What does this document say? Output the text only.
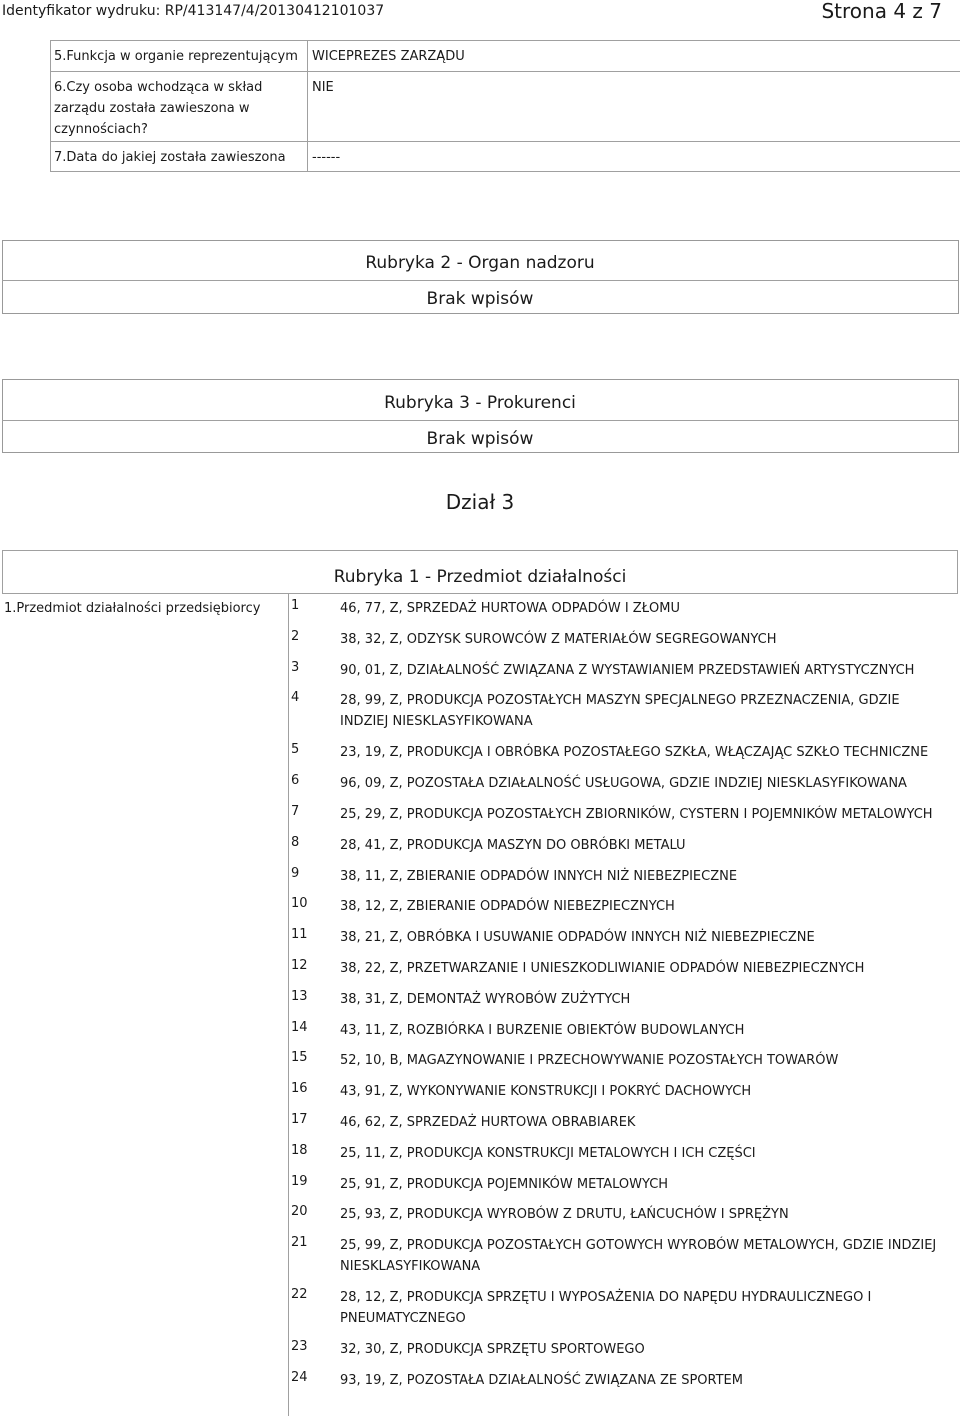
Identyfikator wydruku: RP/413147/4/20130412101037	Strona 4 z 7
5.Funkcja w organie reprezentującym WICEPREZES ZARZĄDU
6.Czy osoba wchodząca w skład
zarządu została zawieszona w
czynnościach?
NIE
7.Data do jakiej została zawieszona ------
Rubryka 2 - Organ nadzoru
Brak wpisów
Rubryka 3 - Prokurenci
Brak wpisów
Dział 3
Rubryka 1 - Przedmiot działalności
1.Przedmiot działalności przedsiębiorcy 1	46, 77, Z, SPRZEDAŻ HURTOWA ODPADÓW I ZŁOMU
2	38, 32, Z, ODZYSK SUROWCÓW Z MATERIAŁÓW SEGREGOWANYCH
3	90, 01, Z, DZIAŁALNOŚĆ ZWIĄZANA Z WYSTAWIANIEM PRZEDSTAWIEŃ ARTYSTYCZNYCH
4	28, 99, Z, PRODUKCJA POZOSTAŁYCH MASZYN SPECJALNEGO PRZEZNACZENIA, GDZIE
INDZIEJ NIESKLASYFIKOWANA
5	23, 19, Z, PRODUKCJA I OBRÓBKA POZOSTAŁEGO SZKŁA, WŁĄCZAJĄC SZKŁO TECHNICZNE
6	96, 09, Z, POZOSTAŁA DZIAŁALNOŚĆ USŁUGOWA, GDZIE INDZIEJ NIESKLASYFIKOWANA
7	25, 29, Z, PRODUKCJA POZOSTAŁYCH ZBIORNIKÓW, CYSTERN I POJEMNIKÓW METALOWYCH
8	28, 41, Z, PRODUKCJA MASZYN DO OBRÓBKI METALU
9	38, 11, Z, ZBIERANIE ODPADÓW INNYCH NIŻ NIEBEZPIECZNE
10 38, 12, Z, ZBIERANIE ODPADÓW NIEBEZPIECZNYCH
11 38, 21, Z, OBRÓBKA I USUWANIE ODPADÓW INNYCH NIŻ NIEBEZPIECZNE
12 38, 22, Z, PRZETWARZANIE I UNIESZKODLIWIANIE ODPADÓW NIEBEZPIECZNYCH
13 38, 31, Z, DEMONTAŻ WYROBÓW ZUŻYTYCH
14 43, 11, Z, ROZBIÓRKA I BURZENIE OBIEKTÓW BUDOWLANYCH
15 52, 10, B, MAGAZYNOWANIE I PRZECHOWYWANIE POZOSTAŁYCH TOWARÓW
16 43, 91, Z, WYKONYWANIE KONSTRUKCJI I POKRYĆ DACHOWYCH
17 46, 62, Z, SPRZEDAŻ HURTOWA OBRABIAREK
18 25, 11, Z, PRODUKCJA KONSTRUKCJI METALOWYCH I ICH CZĘŚCI
19 25, 91, Z, PRODUKCJA POJEMNIKÓW METALOWYCH
20 25, 93, Z, PRODUKCJA WYROBÓW Z DRUTU, ŁAŃCUCHÓW I SPRĘŻYN
21 25, 99, Z, PRODUKCJA POZOSTAŁYCH GOTOWYCH WYROBÓW METALOWYCH, GDZIE INDZIEJ
NIESKLASYFIKOWANA
22 28, 12, Z, PRODUKCJA SPRZĘTU I WYPOSAŻENIA DO NAPĘDU HYDRAULICZNEGO I
PNEUMATYCZNEGO
23 32, 30, Z, PRODUKCJA SPRZĘTU SPORTOWEGO
24 93, 19, Z, POZOSTAŁA DZIAŁALNOŚĆ ZWIĄZANA ZE SPORTEM
